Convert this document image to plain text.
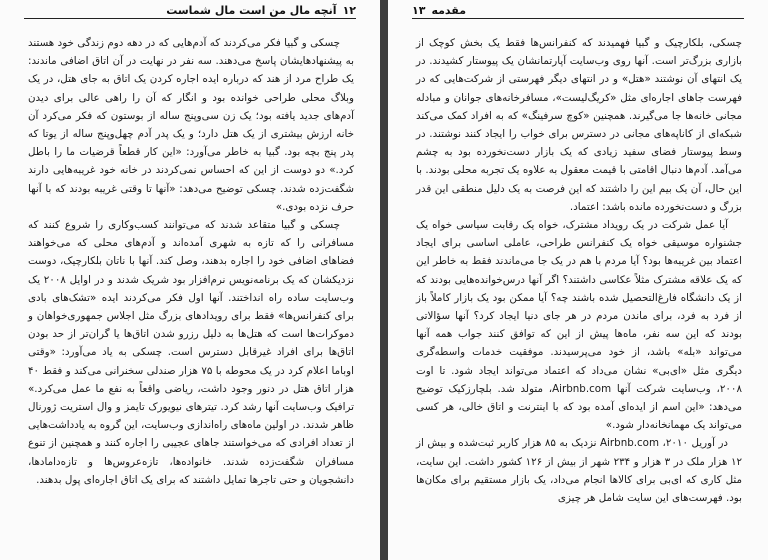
۱۲
آنچه مال من است مال شماست

چسکی و گبیا فکر می‌کردند که آدم‌هایی که در دهه دوم زندگی خود هستند به پیشنهادهایشان پاسخ می‌دهند. سه نفر در نهایت در آن اتاق اضافی ماندند: یک طراح مرد از هند که درباره ایده اجاره کردن یک اتاق به جای هتل، در یک وبلاگ محلی طراحی خوانده بود و انگار که آن را راهی عالی برای دیدن آدم‌های جدید یافته بود؛ یک زن سی‌وپنج ساله از بوستون که فکر می‌کرد آن خانه ارزش بیشتری از یک هتل دارد؛ و یک پدر آدم چهل‌وپنج ساله از یوتا که پدر پنج بچه بود. گبیا به خاطر می‌آورد: «این کار قطعاً قرضیات ما را باطل کرد.» دو دوست از این که احساس نمی‌کردند در خانه خود غریبه‌هایی دارند شگفت‌زده شدند. چسکی توضیح می‌دهد: «آنها تا وقتی غریبه بودند که با آنها حرف نزده بودی.»

چسکی و گبیا متقاعد شدند که می‌توانند کسب‌وکاری را شروع کنند که مسافرانی را که تازه به شهری آمده‌اند و آدم‌های محلی که می‌خواهند فضاهای اضافی خود را اجاره بدهند، وصل کند. آنها با ناتان بلکارچیک، دوست نزدیکشان که یک برنامه‌نویس نرم‌افزار بود شریک شدند و در اوایل ۲۰۰۸ یک وب‌سایت ساده راه انداختند. آنها اول فکر می‌کردند ایده «تشک‌های بادی برای کنفرانس‌ها» فقط برای رویدادهای بزرگ مثل اجلاس جمهوری‌خواهان و دموکرات‌ها است که هتل‌ها به دلیل رزرو شدن اتاق‌ها یا گران‌تر از حد بودن اتاق‌ها برای افراد غیرقابل دسترس است. چسکی به یاد می‌آورد: «وقتی اوباما اعلام کرد در یک محوطه با ۷۵ هزار صندلی سخنرانی می‌کند و فقط ۴۰ هزار اتاق هتل در دنور وجود داشت، ریاضی واقعاً به نفع ما عمل می‌کرد.» ترافیک وب‌سایت آنها رشد کرد. تیترهای نیویورک تایمز و وال استریت ژورنال ظاهر شدند. در اولین ماه‌های راه‌اندازی وب‌سایت، این گروه به یادداشت‌هایی از تعداد افرادی که می‌خواستند جاهای عجیبی را اجاره کنند و همچنین از تنوع مسافران شگفت‌زده شدند. خانواده‌ها، تازه‌عروس‌ها و تازه‌دامادها، دانشجویان و حتی تاجرها تمایل داشتند که برای یک اتاق اجاره‌ای پول بدهند.

مقدمه
۱۳

چسکی، بلکارچیک و گبیا فهمیدند که کنفرانس‌ها فقط یک بخش کوچک از بازاری بزرگ‌تر است. آنها روی وب‌سایت آپارتمانشان یک پیوستار کشیدند. در یک انتهای آن نوشتند «هتل» و در انتهای دیگر فهرستی از شرکت‌هایی که در فهرست جاهای اجاره‌ای مثل «کریگ‌لیست»، مسافرخانه‌های جوانان و مبادله مجانی خانه‌ها جا می‌گیرند. همچنین «کوچ سرفینگ» که به افراد کمک می‌کند شبکه‌ای از کاناپه‌های مجانی در دسترس برای خواب را ایجاد کنند نوشتند. در وسط پیوستار فضای سفید زیادی که یک بازار دست‌نخورده بود به چشم می‌آمد. آدم‌ها دنبال اقامتی با قیمت معقول به علاوه یک تجربه محلی بودند. با این حال، آن یک بیم این را داشتند که این فرصت به یک دلیل منطقی این قدر بزرگ و دست‌نخورده مانده باشد: اعتماد.

آیا عمل شرکت در یک رویداد مشترک، خواه یک رقابت سیاسی خواه یک جشنواره موسیقی خواه یک کنفرانس طراحی، عاملی اساسی برای ایجاد اعتماد بین غریبه‌ها بود؟ آیا مردم با هم در یک جا می‌ماندند فقط به خاطر این که یک علاقه مشترک مثلاً عکاسی داشتند؟ اگر آنها درس‌خوانده‌هایی بودند که از یک دانشگاه فارغ‌التحصیل شده باشند چه؟ آیا ممکن بود یک بازار کاملاً باز از فرد به فرد، برای ماندن مردم در هر جای دنیا ایجاد کرد؟ آنها سؤالاتی بودند که این سه نفر، ماه‌ها پیش از این که توافق کنند جواب همه آنها می‌تواند «بله» باشد، از خود می‌پرسیدند. موفقیت خدمات واسطه‌گری دیگری مثل «ای‌بی» نشان می‌داد که اعتماد می‌تواند ایجاد شود. تا اوت ۲۰۰۸، وب‌سایت شرکت آنها Airbnb.com، متولد شد. بلچارزکیک توضیح می‌دهد: «این اسم از ایده‌ای آمده بود که با اینترنت و اتاق خالی، هر کسی می‌تواند یک مهمانخانه‌دار شود.»

در آوریل ۲۰۱۰، Airbnb.com نزدیک به ۸۵ هزار کاربر ثبت‌شده و بیش از ۱۲ هزار ملک در ۳ هزار و ۲۳۴ شهر از بیش از ۱۲۶ کشور داشت. این سایت، مثل کاری که ای‌بی برای کالاها انجام می‌داد، یک بازار مستقیم برای مکان‌ها بود. فهرست‌های این سایت شامل هر چیزی
